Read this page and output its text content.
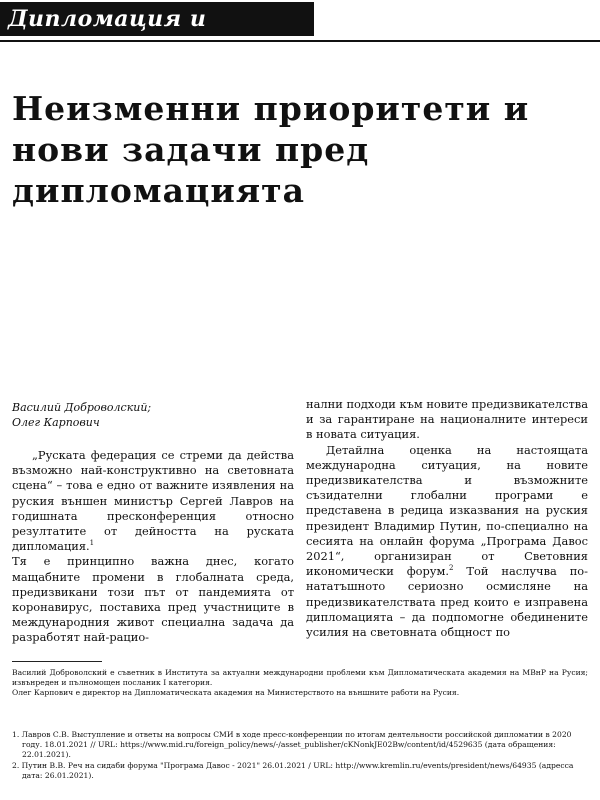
Дипломация и политика
Неизменни приоритети и нови задачи пред дипломацията
Василий Доброволский;
Олег Карпович

„Руската федерация се стреми да действа възможно най-конструктивно на световната сцена“ – това е едно от важните изявления на руския външен министър Сергей Лавров на годишната пресконференция относно резултатите от дейността на руската дипломация.$^1$

Тя е принципно важна днес, когато мащабните промени в глобалната среда, предизвикани този път от пандемията от коронавирус, поставиха пред участниците в международния живот специална задача да разработят най-рацио-

нални подходи към новите предизвикателства и за гарантиране на националните интереси в новата ситуация.

Детайлна оценка на настоящата международна ситуация, на новите предизвикателства и възможните съзидателни глобални програми е представена в редица изказвания на руския президент Владимир Путин, по-специално на сесията на онлайн форума „Програма Давос 2021“, организиран от Световния икономически форум.$^2$ Той наслучва по-нататъшното сериозно осмисляне на предизвикателствата пред които е изправена дипломацията – да подпомогне обединените усилия на световната общност по

Василий Доброволский е съветник в Института за актуални международни проблеми към Дипломатическата академия на МВнР на Русия; извънреден и пълномощен посланик I категория.

Олег Карпович е директор на Дипломатическата академия на Министерството на външните работи на Русия.

1. Лавров С.В. Выступление и ответы на вопросы СМИ в ходе пресс-конференции по итогам деятельности российской дипломатии в 2020 году. 18.01.2021 // URL: https://www.mid.ru/foreign_policy/news/-/asset_publisher/cKNonkJE02Bw/content/id/4529635 (дата обращения: 22.01.2021).

2. Путин В.В. Реч на сидаби форума "Програма Давос - 2021" 26.01.2021 / URL: http://www.kremlin.ru/events/president/news/64935 (адресса дата: 26.01.2021).
